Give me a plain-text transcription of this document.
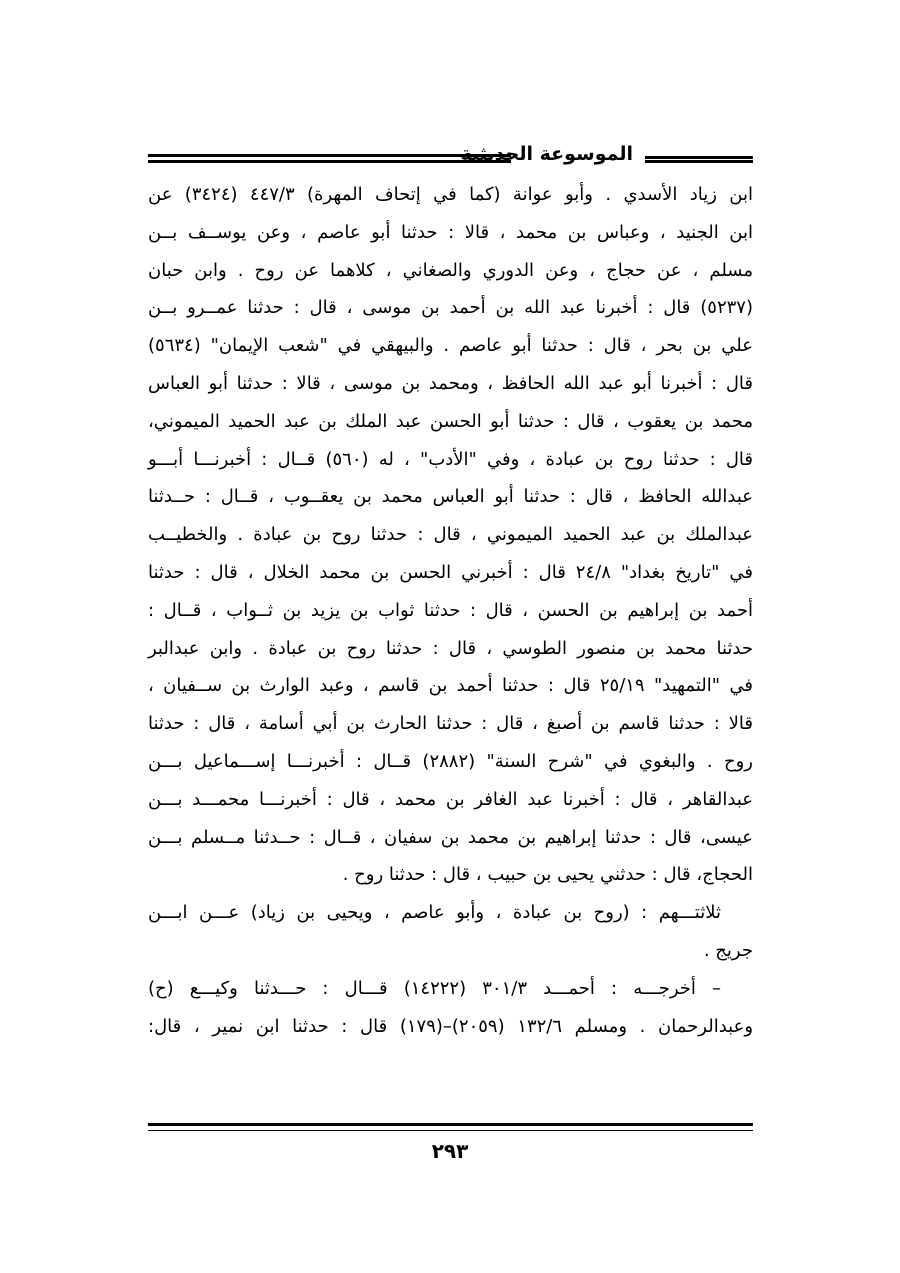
الموسوعة الحديثية
ابن زياد الأسدي . وأبو عوانة (كما في إتحاف المهرة) ٤٤٧/٣ (٣٤٢٤) عن
ابن الجنيد ، وعباس بن محمد ، قالا : حدثنا أبو عاصم ، وعن يوســف بــن
مسلم ، عن حجاج ، وعن الدوري والصغاني ، كلاهما عن روح . وابن حبان
(٥٢٣٧) قال : أخبرنا عبد الله بن أحمد بن موسى ، قال : حدثنا عمــرو بــن
علي بن بحر ، قال : حدثنا أبو عاصم . والبيهقي في "شعب الإيمان" (٥٦٣٤)
قال : أخبرنا أبو عبد الله الحافظ ، ومحمد بن موسى ، قالا : حدثنا أبو العباس
محمد بن يعقوب ، قال : حدثنا أبو الحسن عبد الملك بن عبد الحميد الميموني،
قال : حدثنا روح بن عبادة ، وفي "الأدب" ، له (٥٦٠) قــال : أخبرنـــا أبـــو
عبدالله الحافظ ، قال : حدثنا أبو العباس محمد بن يعقــوب ، قــال : حــدثنا
عبدالملك بن عبد الحميد الميموني ، قال : حدثنا روح بن عبادة . والخطيــب
في "تاريخ بغداد" ٢٤/٨ قال : أخبرني الحسن بن محمد الخلال ، قال : حدثنا
أحمد بن إبراهيم بن الحسن ، قال : حدثنا ثواب بن يزيد بن ثــواب ، قــال :
حدثنا محمد بن منصور الطوسي ، قال : حدثنا روح بن عبادة . وابن عبدالبر
في "التمهيد" ٢٥/١٩ قال : حدثنا أحمد بن قاسم ، وعبد الوارث بن ســفيان ،
قالا : حدثنا قاسم بن أصبغ ، قال : حدثنا الحارث بن أبي أسامة ، قال : حدثنا
روح . والبغوي في "شرح السنة" (٢٨٨٢) قــال : أخبرنـــا إســـماعيل بـــن
عبدالقاهر ، قال : أخبرنا عبد الغافر بن محمد ، قال : أخبرنـــا محمـــد بـــن
عيسى، قال : حدثنا إبراهيم بن محمد بن سفيان ، قــال : حــدثنا مــسلم بـــن
الحجاج، قال : حدثني يحيى بن حبيب ، قال : حدثنا روح .
ثلاثتـــهم : (روح بن عبادة ، وأبو عاصم ، ويحيى بن زياد) عـــن ابـــن
جريج .
– أخرجـــه : أحمـــد ٣٠١/٣ (١٤٢٢٢) قـــال : حـــدثنا وكيـــع (ح)
وعبدالرحمان . ومسلم ١٣٢/٦ (٢٠٥٩)–(١٧٩) قال : حدثنا ابن نمير ، قال:
٢٩٣
